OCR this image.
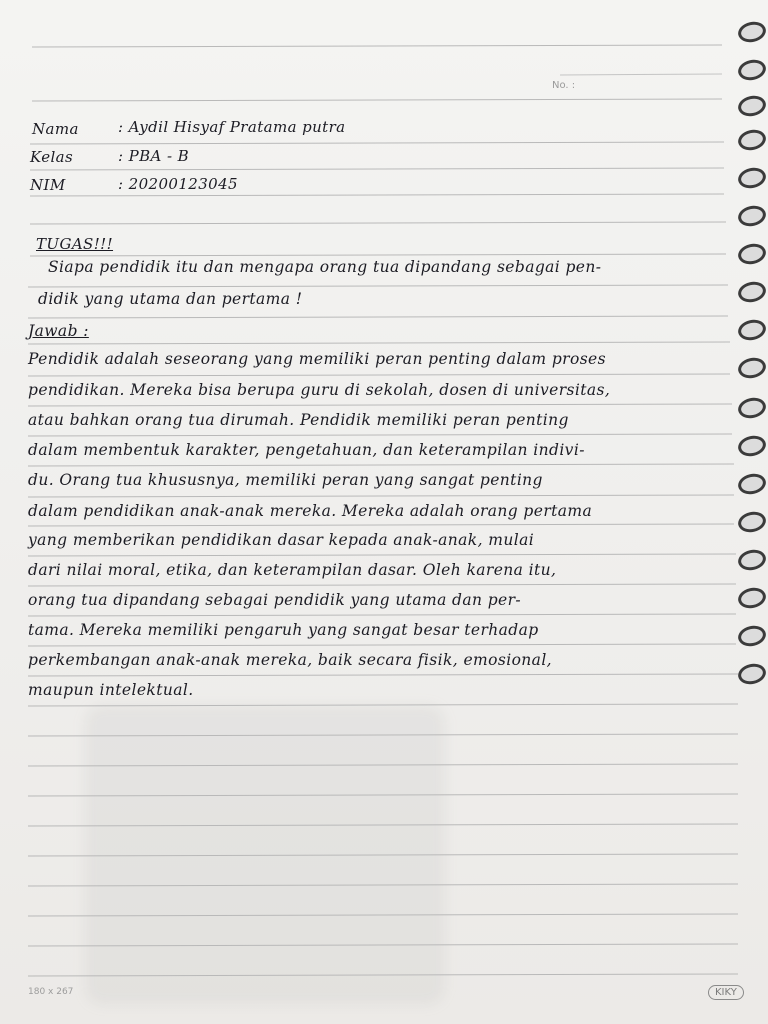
No. :
Nama	: Aydil Hisyaf Pratama putra
Kelas	: PBA - B
NIM	: 20200123045
TUGAS!!!
Siapa pendidik itu dan mengapa orang tua dipandang sebagai pen-
didik yang utama dan pertama !
Jawab :
Pendidik adalah seseorang yang memiliki peran penting dalam proses
pendidikan. Mereka bisa berupa guru di sekolah, dosen di universitas,
atau bahkan orang tua dirumah. Pendidik memiliki peran penting
dalam membentuk karakter, pengetahuan, dan keterampilan indivi-
du. Orang tua khususnya, memiliki peran yang sangat penting
dalam pendidikan anak-anak mereka. Mereka adalah orang pertama
yang memberikan pendidikan dasar kepada anak-anak, mulai
dari nilai moral, etika, dan keterampilan dasar. Oleh karena itu,
orang tua dipandang sebagai pendidik yang utama dan per-
tama. Mereka memiliki pengaruh yang sangat besar terhadap
perkembangan anak-anak mereka, baik secara fisik, emosional,
maupun intelektual.
180 x 267	KIKY
